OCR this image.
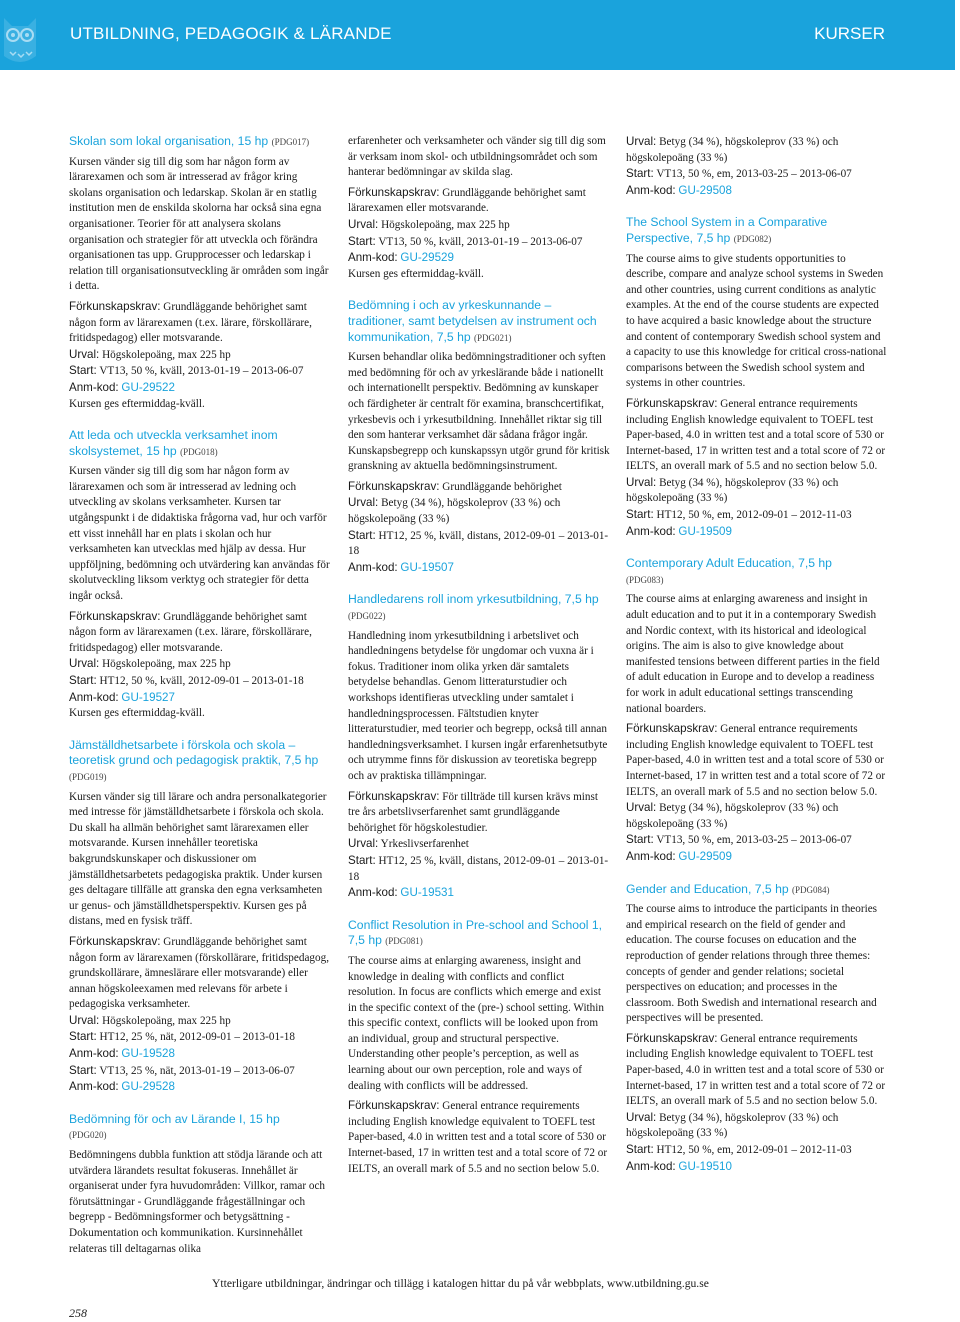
UTBILDNING, PEDAGOGIK & LÄRANDE	KURSER
Skolan som lokal organisation, 15 hp (PDG017)

Kursen vänder sig till dig som har någon form av lärarexamen och som är intresserad av frågor kring skolans organisation och ledarskap. Skolan är en statlig institution men de enskilda skolorna har också sina egna organisationer. Teorier för att analysera skolans organisation och strategier för att utveckla och förändra organisationen tas upp. Grupprocesser och ledarskap i relation till organisationsutveckling är områden som ingår i detta.

Förkunskapskrav: Grundläggande behörighet samt någon form av lärarexamen (t.ex. lärare, förskollärare, fritidspedagog) eller motsvarande.

Urval: Högskolepoäng, max 225 hp

Start: VT13, 50 %, kväll, 2013-01-19 – 2013-06-07

Anm-kod: GU-29522

Kursen ges eftermiddag-kväll.

Att leda och utveckla verksamhet inom skolsystemet, 15 hp (PDG018)

Kursen vänder sig till dig som har någon form av lärarexamen och som är intresserad av ledning och utveckling av skolans verksamheter. Kursen tar utgångspunkt i de didaktiska frågorna vad, hur och varför ett visst innehåll har en plats i skolan och hur verksamheten kan utvecklas med hjälp av dessa. Hur uppföljning, bedömning och utvärdering kan användas för skolutveckling liksom verktyg och strategier för detta ingår också.

Förkunskapskrav: Grundläggande behörighet samt någon form av lärarexamen (t.ex. lärare, förskollärare, fritidspedagog) eller motsvarande.

Urval: Högskolepoäng, max 225 hp

Start: HT12, 50 %, kväll, 2012-09-01 – 2013-01-18

Anm-kod: GU-19527

Kursen ges eftermiddag-kväll.

Jämställdhetsarbete i förskola och skola – teoretisk grund och pedagogisk praktik, 7,5 hp (PDG019)

Kursen vänder sig till lärare och andra personalkategorier med intresse för jämställdhetsarbete i förskola och skola. Du skall ha allmän behörighet samt lärarexamen eller motsvarande. Kursen innehåller teoretiska bakgrundskunskaper och diskussioner om jämställdhetsarbetets pedagogiska praktik. Under kursen ges deltagare tillfälle att granska den egna verksamheten ur genus- och jämställdhetsperspektiv. Kursen ges på distans, med en fysisk träff.

Förkunskapskrav: Grundläggande behörighet samt någon form av lärarexamen (förskollärare, fritidspedagog, grundskollärare, ämneslärare eller motsvarande) eller annan högskoleexamen med relevans för arbete i pedagogiska verksamheter.

Urval: Högskolepoäng, max 225 hp

Start: HT12, 25 %, nät, 2012-09-01 – 2013-01-18

Anm-kod: GU-19528

Start: VT13, 25 %, nät, 2013-01-19 – 2013-06-07

Anm-kod: GU-29528

Bedömning för och av Lärande I, 15 hp
(PDG020)

Bedömningens dubbla funktion att stödja lärande och att utvärdera lärandets resultat fokuseras. Innehållet är organiserat under fyra huvudområden: Villkor, ramar och förutsättningar - Grundläggande frågeställningar och begrepp - Bedömningsformer och betygsättning - Dokumentation och kommunikation. Kursinnehållet relateras till deltagarnas olika

erfarenheter och verksamheter och vänder sig till dig som är verksam inom skol- och utbildningsområdet och som hanterar bedömningar av skilda slag.

Förkunskapskrav: Grundläggande behörighet samt lärarexamen eller motsvarande.

Urval: Högskolepoäng, max 225 hp

Start: VT13, 50 %, kväll, 2013-01-19 – 2013-06-07

Anm-kod: GU-29529

Kursen ges eftermiddag-kväll.

Bedömning i och av yrkeskunnande – traditioner, samt betydelsen av instrument och kommunikation, 7,5 hp (PDG021)

Kursen behandlar olika bedömningstraditioner och syften med bedömning för och av yrkeslärande både i nationellt och internationellt perspektiv. Bedömning av kunskaper och färdigheter är centralt för examina, branschcertifikat, yrkesbevis och i yrkesutbildning. Innehållet riktar sig till den som hanterar verksamhet där sådana frågor ingår. Kunskapsbegrepp och kunskapssyn utgör grund för kritisk granskning av aktuella bedömningsinstrument.

Förkunskapskrav: Grundläggande behörighet

Urval: Betyg (34 %), högskoleprov (33 %) och högskolepoäng (33 %)

Start: HT12, 25 %, kväll, distans, 2012-09-01 – 2013-01-18

Anm-kod: GU-19507

Handledarens roll inom yrkesutbildning, 7,5 hp (PDG022)

Handledning inom yrkesutbildning i arbetslivet och handledningens betydelse för ungdomar och vuxna är i fokus. Traditioner inom olika yrken där samtalets betydelse behandlas. Genom litteraturstudier och workshops identifieras utveckling under samtalet i handledningsprocessen. Fältstudien knyter litteraturstudier, med teorier och begrepp, också till annan handledningsverksamhet. I kursen ingår erfarenhetsutbyte och utrymme finns för diskussion av teoretiska begrepp och av praktiska tillämpningar.

Förkunskapskrav: För tillträde till kursen krävs minst tre års arbetslivserfarenhet samt grundläggande behörighet för högskolestudier.

Urval: Yrkeslivserfarenhet

Start: HT12, 25 %, kväll, distans, 2012-09-01 – 2013-01-18

Anm-kod: GU-19531

Conflict Resolution in Pre-school and School 1, 7,5 hp (PDG081)

The course aims at enlarging awareness, insight and knowledge in dealing with conflicts and conflict resolution. In focus are conflicts which emerge and exist in the specific context of the (pre-) school setting. Within this specific context, conflicts will be looked upon from an individual, group and structural perspective. Understanding other people’s perception, as well as learning about our own perception, role and ways of dealing with conflicts will be addressed.

Förkunskapskrav: General entrance requirements including English knowledge equivalent to TOEFL test Paper-based, 4.0 in written test and a total score of 530 or Internet-based, 17 in written test and a total score of 72 or IELTS, an overall mark of 5.5 and no section below 5.0.

Urval: Betyg (34 %), högskoleprov (33 %) och högskolepoäng (33 %)

Start: VT13, 50 %, em, 2013-03-25 – 2013-06-07

Anm-kod: GU-29508

The School System in a Comparative Perspective, 7,5 hp (PDG082)

The course aims to give students opportunities to describe, compare and analyze school systems in Sweden and other countries, using current conditions as analytic examples. At the end of the course students are expected to have acquired a basic knowledge about the structure and content of contemporary Swedish school system and a capacity to use this knowledge for critical cross-national comparisons between the Swedish school system and systems in other countries.

Förkunskapskrav: General entrance requirements including English knowledge equivalent to TOEFL test Paper-based, 4.0 in written test and a total score of 530 or Internet-based, 17 in written test and a total score of 72 or IELTS, an overall mark of 5.5 and no section below 5.0.

Urval: Betyg (34 %), högskoleprov (33 %) och högskolepoäng (33 %)

Start: HT12, 50 %, em, 2012-09-01 – 2012-11-03

Anm-kod: GU-19509

Contemporary Adult Education, 7,5 hp
(PDG083)

The course aims at enlarging awareness and insight in adult education and to put it in a contemporary Swedish and Nordic context, with its historical and ideological origins. The aim is also to give knowledge about manifested tensions between different parties in the field of adult education in Europe and to develop a readiness for work in adult educational settings transcending national boarders.

Förkunskapskrav: General entrance requirements including English knowledge equivalent to TOEFL test Paper-based, 4.0 in written test and a total score of 530 or Internet-based, 17 in written test and a total score of 72 or IELTS, an overall mark of 5.5 and no section below 5.0.

Urval: Betyg (34 %), högskoleprov (33 %) och högskolepoäng (33 %)

Start: VT13, 50 %, em, 2013-03-25 – 2013-06-07

Anm-kod: GU-29509

Gender and Education, 7,5 hp (PDG084)

The course aims to introduce the participants in theories and empirical research on the field of gender and education. The course focuses on education and the reproduction of gender relations through three themes: concepts of gender and gender relations; societal perspectives on education; and processes in the classroom. Both Swedish and international research and perspectives will be presented.

Förkunskapskrav: General entrance requirements including English knowledge equivalent to TOEFL test Paper-based, 4.0 in written test and a total score of 530 or Internet-based, 17 in written test and a total score of 72 or IELTS, an overall mark of 5.5 and no section below 5.0.

Urval: Betyg (34 %), högskoleprov (33 %) och högskolepoäng (33 %)

Start: HT12, 50 %, em, 2012-09-01 – 2012-11-03

Anm-kod: GU-19510

Ytterligare utbildningar, ändringar och tillägg i katalogen hittar du på vår webbplats, www.utbildning.gu.se
258
